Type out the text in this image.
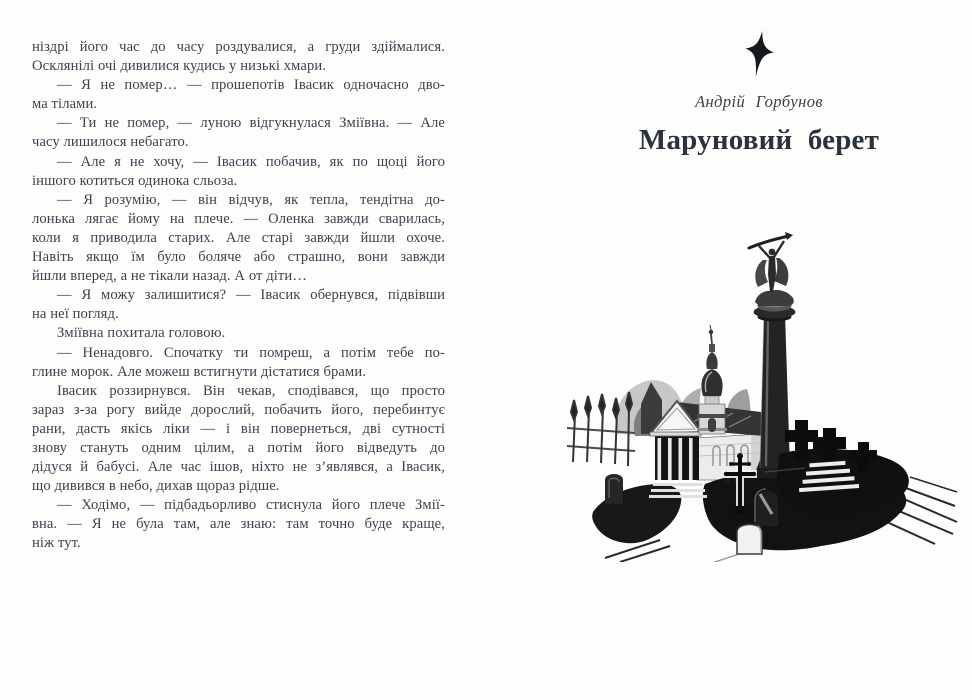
ніздрі його час до часу роздувалися, а груди здіймалися.
Осклянілі очі дивилися кудись у низькі хмари.
— Я не помер… — прошепотів Івасик одночасно дво-
ма тілами.
— Ти не помер, — луною відгукнулася Зміївна. — Але
часу лишилося небагато.
— Але я не хочу, — Івасик побачив, як по щоці його
іншого котиться одинока сльоза.
— Я розумію, — він відчув, як тепла, тендітна до-
лонька лягає йому на плече. — Оленка завжди сварилась,
коли я приводила старих. Але старі завжди йшли охоче.
Навіть якщо їм було боляче або страшно, вони завжди
йшли вперед, а не тікали назад. А от діти…
— Я можу залишитися? — Івасик обернувся, підвівши
на неї погляд.
Зміївна похитала головою.
— Ненадовго. Спочатку ти помреш, а потім тебе по-
глине морок. Але можеш встигнути дістатися брами.
Івасик роззирнувся. Він чекав, сподівався, що просто
зараз з-за рогу вийде дорослий, побачить його, перебинтує
рани, дасть якісь ліки — і він повернеться, дві сутності
знову стануть одним цілим, а потім його відведуть до
дідуся й бабусі. Але час ішов, ніхто не з’являвся, а Івасик,
що дивився в небо, дихав щораз рідше.
— Ходімо, — підбадьорливо стиснула його плече Змії-
вна. — Я не була там, але знаю: там точно буде краще,
ніж тут.
Андрій Горбунов
Маруновий берет
